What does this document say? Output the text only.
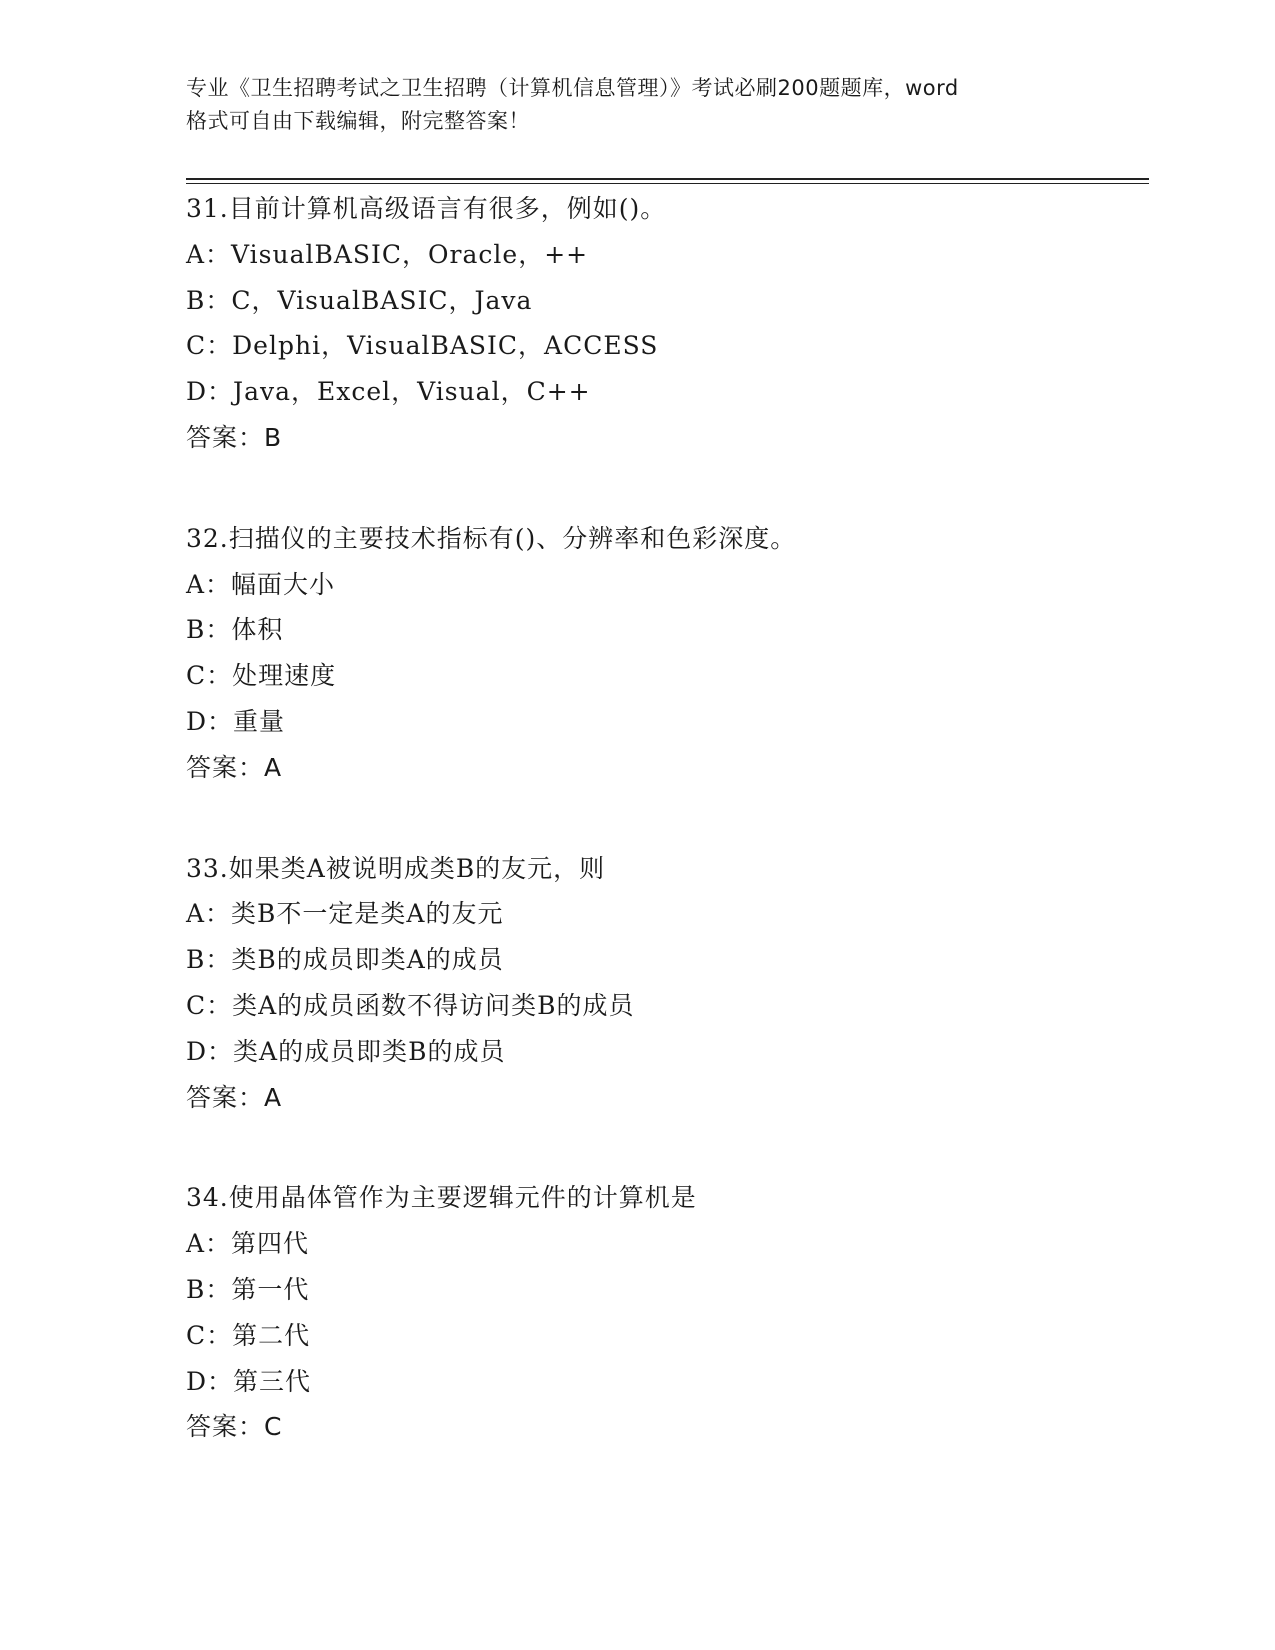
专业《卫生招聘考试之卫生招聘（计算机信息管理）》考试必刷200题题库，word
格式可自由下载编辑，附完整答案！
31.目前计算机高级语言有很多，例如()。
A：VisualBASIC，Oracle，++
B：C，VisualBASIC，Java
C：Delphi，VisualBASIC，ACCESS
D：Java，Excel，Visual，C++
答案：B
32.扫描仪的主要技术指标有()、分辨率和色彩深度。
A：幅面大小
B：体积
C：处理速度
D：重量
答案：A
33.如果类A被说明成类B的友元，则
A：类B不一定是类A的友元
B：类B的成员即类A的成员
C：类A的成员函数不得访问类B的成员
D：类A的成员即类B的成员
答案：A
34.使用晶体管作为主要逻辑元件的计算机是
A：第四代
B：第一代
C：第二代
D：第三代
答案：C
